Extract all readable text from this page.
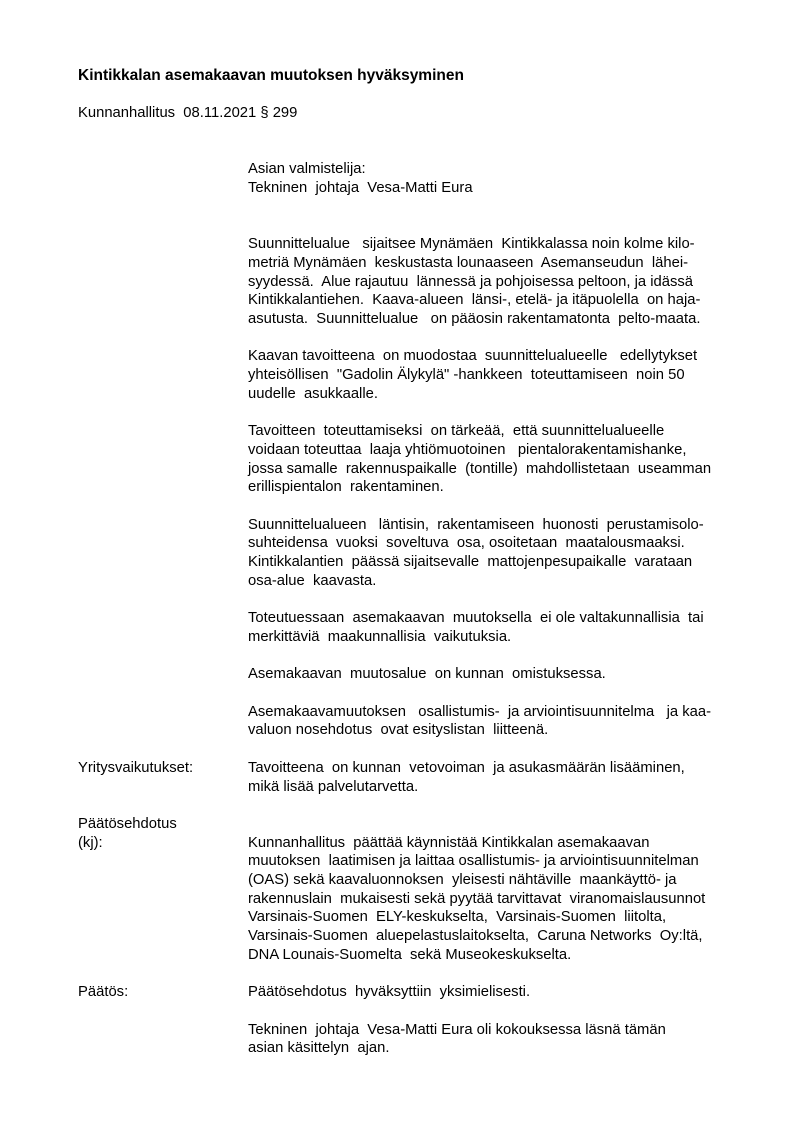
Kintikkalan asemakaavan muutoksen hyväksyminen
Kunnanhallitus  08.11.2021 § 299
Asian valmistelija:
Tekninen  johtaja  Vesa-Matti Eura
Suunnittelualue   sijaitsee Mynämäen  Kintikkalassa noin kolme kilo-
metriä Mynämäen  keskustasta lounaaseen  Asemanseudun  lähei-
syydessä.  Alue rajautuu  lännessä ja pohjoisessa peltoon, ja idässä
Kintikkalantiehen.  Kaava-alueen  länsi-, etelä- ja itäpuolella  on haja-
asutusta.  Suunnittelualue   on pääosin rakentamatonta  pelto-maata.
Kaavan tavoitteena  on muodostaa  suunnittelualueelle   edellytykset
yhteisöllisen  "Gadolin Älykylä" -hankkeen  toteuttamiseen  noin 50
uudelle  asukkaalle.
Tavoitteen  toteuttamiseksi  on tärkeää,  että suunnittelualueelle
voidaan toteuttaa  laaja yhtiömuotoinen   pientalorakentamishanke,
jossa samalle  rakennuspaikalle  (tontille)  mahdollistetaan  useamman
erillispientalon  rakentaminen.
Suunnittelualueen   läntisin,  rakentamiseen  huonosti  perustamisolo-
suhteidensa  vuoksi  soveltuva  osa, osoitetaan  maatalousmaaksi.
Kintikkalantien  päässä sijaitsevalle  mattojenpesupaikalle  varataan
osa-alue  kaavasta.
Toteutuessaan  asemakaavan  muutoksella  ei ole valtakunnallisia  tai
merkittäviä  maakunnallisia  vaikutuksia.
Asemakaavan  muutosalue  on kunnan  omistuksessa.
Asemakaavamuutoksen   osallistumis-  ja arviointisuunnitelma   ja kaa-
valuon nosehdotus  ovat esityslistan  liitteenä.
Yritysvaikutukset:	Tavoitteena  on kunnan  vetovoiman  ja asukasmäärän lisääminen,
mikä lisää palvelutarvetta.
Päätösehdotus
(kj):	Kunnanhallitus  päättää käynnistää Kintikkalan asemakaavan
muutoksen  laatimisen ja laittaa osallistumis- ja arviointisuunnitelman
(OAS) sekä kaavaluonnoksen  yleisesti nähtäville  maankäyttö- ja
rakennuslain  mukaisesti sekä pyytää tarvittavat  viranomaislausunnot
Varsinais-Suomen  ELY-keskukselta,  Varsinais-Suomen  liitolta,
Varsinais-Suomen  aluepelastuslaitokselta,  Caruna Networks  Oy:ltä,
DNA Lounais-Suomelta  sekä Museokeskukselta.
Päätös:	Päätösehdotus  hyväksyttiin  yksimielisesti.
Tekninen  johtaja  Vesa-Matti Eura oli kokouksessa läsnä tämän
asian käsittelyn  ajan.
